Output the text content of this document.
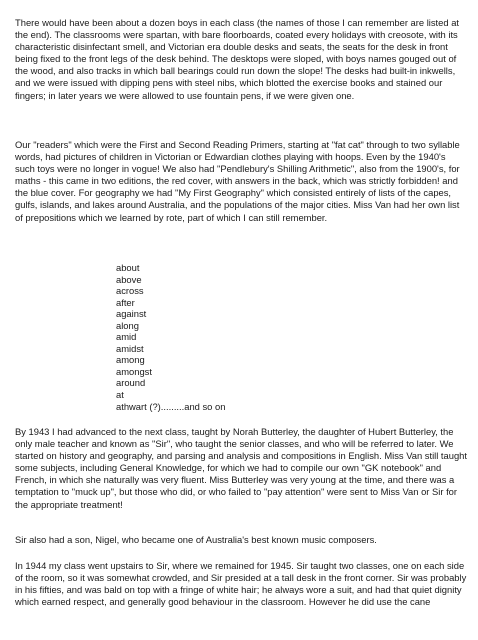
There would have been about a dozen boys in each class (the names of those I can remember are listed at the end). The classrooms were spartan, with bare floorboards, coated every holidays with creosote, with its characteristic disinfectant smell, and Victorian era double desks and seats, the seats for the desk in front being fixed to the front legs of the desk behind. The desktops were sloped, with boys names gouged out of the wood, and also tracks in which ball bearings could run down the slope! The desks had built-in inkwells, and we were issued with dipping pens with steel nibs, which blotted the exercise books and stained our fingers; in later years we were allowed to use fountain pens, if we were given one.

Our "readers" which were the First and Second Reading Primers, starting at "fat cat" through to two syllable words, had pictures of children in Victorian or Edwardian clothes playing with hoops. Even by the 1940's such toys were no longer in vogue! We also had "Pendlebury's Shilling Arithmetic", also from the 1900's, for maths - this came in two editions, the red cover, with answers in the back, which was strictly forbidden! and the blue cover. For geography we had "My First Geography" which consisted entirely of lists of the capes, gulfs, islands, and lakes around Australia, and the populations of the major cities. Miss Van had her own list of prepositions which we learned by rote, part of which I can still remember.

about
above
across
after
against
along
amid
amidst
among
amongst
around
at
athwart (?).........and so on

By 1943 I had advanced to the next class, taught by Norah Butterley, the daughter of Hubert Butterley, the only male teacher and known as "Sir", who taught the senior classes, and who will be referred to later. We started on history and geography, and parsing and analysis and compositions in English. Miss Van still taught some subjects, including General Knowledge, for which we had to compile our own "GK notebook" and French, in which she naturally was very fluent. Miss Butterley was very young at the time, and there was a temptation to "muck up", but those who did, or who failed to "pay attention" were sent to Miss Van or Sir for the appropriate treatment!

Sir also had a son, Nigel, who became one of Australia's best known music composers.

In 1944 my class went upstairs to Sir, where we remained for 1945. Sir taught two classes, one on each side of the room, so it was somewhat crowded, and Sir presided at a tall desk in the front corner. Sir was probably in his fifties, and was bald on top with a fringe of white hair; he always wore a suit, and had that quiet dignity which earned respect, and generally good behaviour in the classroom. However he did use the cane
